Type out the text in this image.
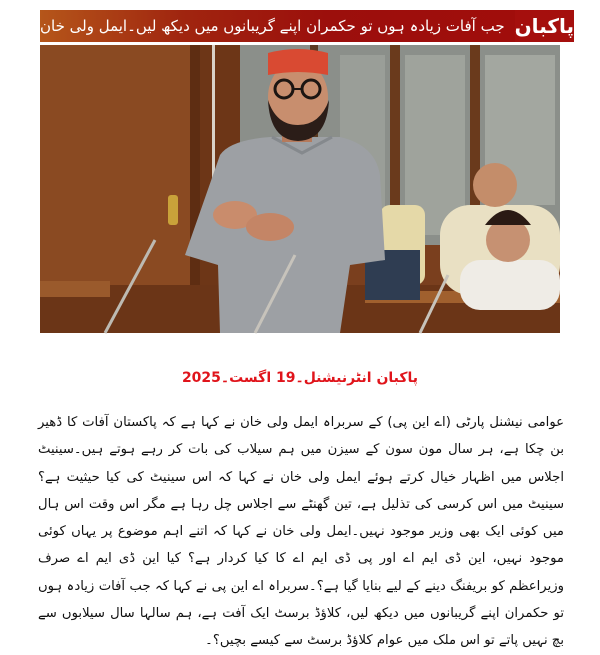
جب آفات زیادہ ہوں تو حکمران اپنے گریبانوں میں دیکھ لیں۔ایمل ولی خان پاکبان
پاکبان انٹرنیشنل۔19 اگست۔2025

عوامی نیشنل پارٹی (اے این پی) کے سربراہ ایمل ولی خان نے کہا ہے کہ پاکستان آفات کا ڈھیر بن چکا ہے، ہر سال مون سون کے سیزن میں ہم سیلاب کی بات کر رہے ہوتے ہیں۔سینیٹ اجلاس میں اظہار خیال کرتے ہوئے ایمل ولی خان نے کہا کہ اس سینیٹ کی کیا حیثیت ہے؟ سینیٹ میں اس کرسی کی تذلیل ہے، تین گھنٹے سے اجلاس چل رہا ہے مگر اس وقت اس ہال میں کوئی ایک بھی وزیر موجود نہیں۔ایمل ولی خان نے کہا کہ اتنے اہم موضوع پر یہاں کوئی موجود نہیں، این ڈی ایم اے اور پی ڈی ایم اے کا کیا کردار ہے؟ کیا این ڈی ایم اے صرف وزیراعظم کو بریفنگ دینے کے لیے بنایا گیا ہے؟۔سربراہ اے این پی نے کہا کہ جب آفات زیادہ ہوں تو حکمران اپنے گریبانوں میں دیکھ لیں، کلاؤڈ برسٹ ایک آفت ہے، ہم سالہا سال سیلابوں سے بچ نہیں پاتے تو اس ملک میں عوام کلاؤڈ برسٹ سے کیسے بچیں؟۔
